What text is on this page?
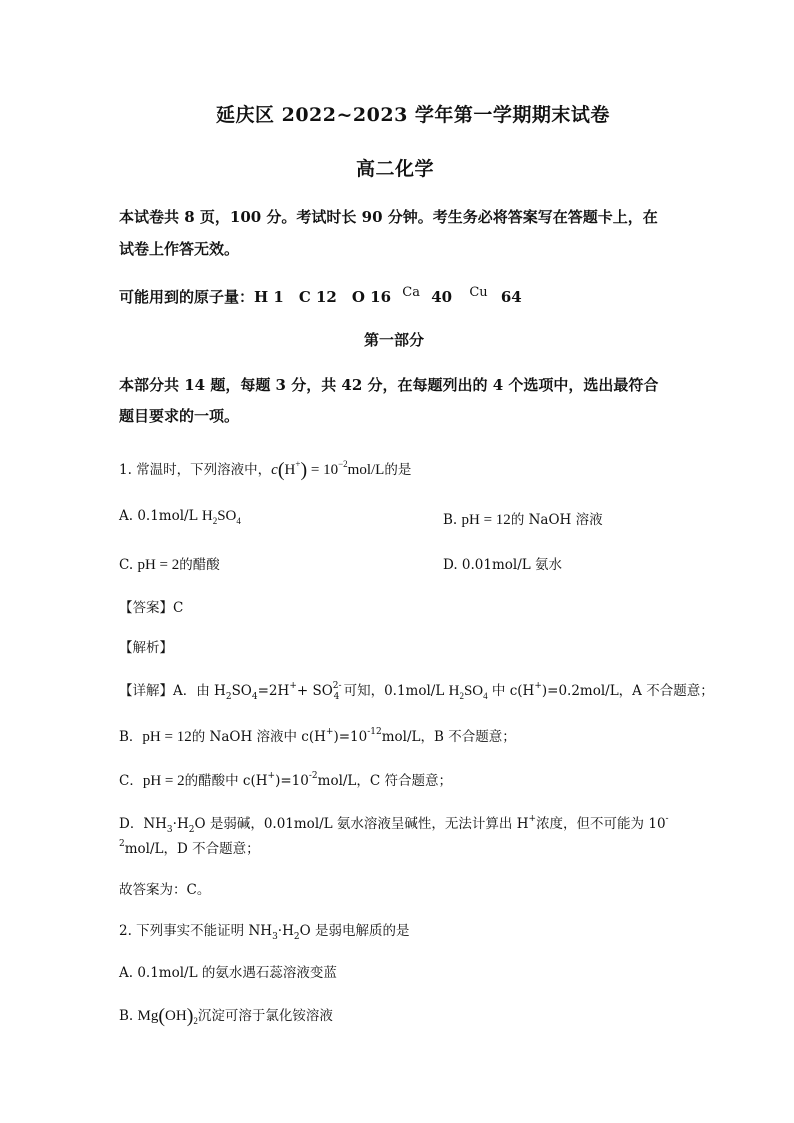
延庆区 2022~2023 学年第一学期期末试卷
高二化学
本试卷共 8 页，100 分。考试时长 90 分钟。考生务必将答案写在答题卡上，在
试卷上作答无效。
可能用到的原子量：H 1　C 12　O 16 Ca 40 Cu 64
第一部分
本部分共 14 题，每题 3 分，共 42 分，在每题列出的 4 个选项中，选出最符合
题目要求的一项。
1. 常温时，下列溶液中，$c(H^+) = 10^{-2}mol/L$的是
A. 0.1mol/L $H_2SO_4$	B. pH = 12的 NaOH 溶液
C. pH = 2的醋酸	D. 0.01mol/L 氨水
【答案】C
【解析】
【详解】A．由 $H_2SO_4=2H^++ SO^{2-}_4$ 可知，0.1mol/L $H_2SO_4$ 中 c(H+)=0.2mol/L，A 不合题意；
B．pH = 12的 NaOH 溶液中 $c(H^+)=10^{-12}mol/L$，B 不合题意；
C．pH = 2的醋酸中 $c(H^+)=10^{-2}mol/L$，C 符合题意；
D．$NH_3\cdot H_2O$ 是弱碱，0.01mol/L 氨水溶液呈碱性，无法计算出 H+浓度，但不可能为 10-
$^2$mol/L，D 不合题意；
故答案为：C。
2. 下列事实不能证明 $NH_3\cdot H_2O$ 是弱电解质的是
A. 0.1mol/L 的氨水遇石蕊溶液变蓝
B. $Mg(OH)_2$沉淀可溶于氯化铵溶液
